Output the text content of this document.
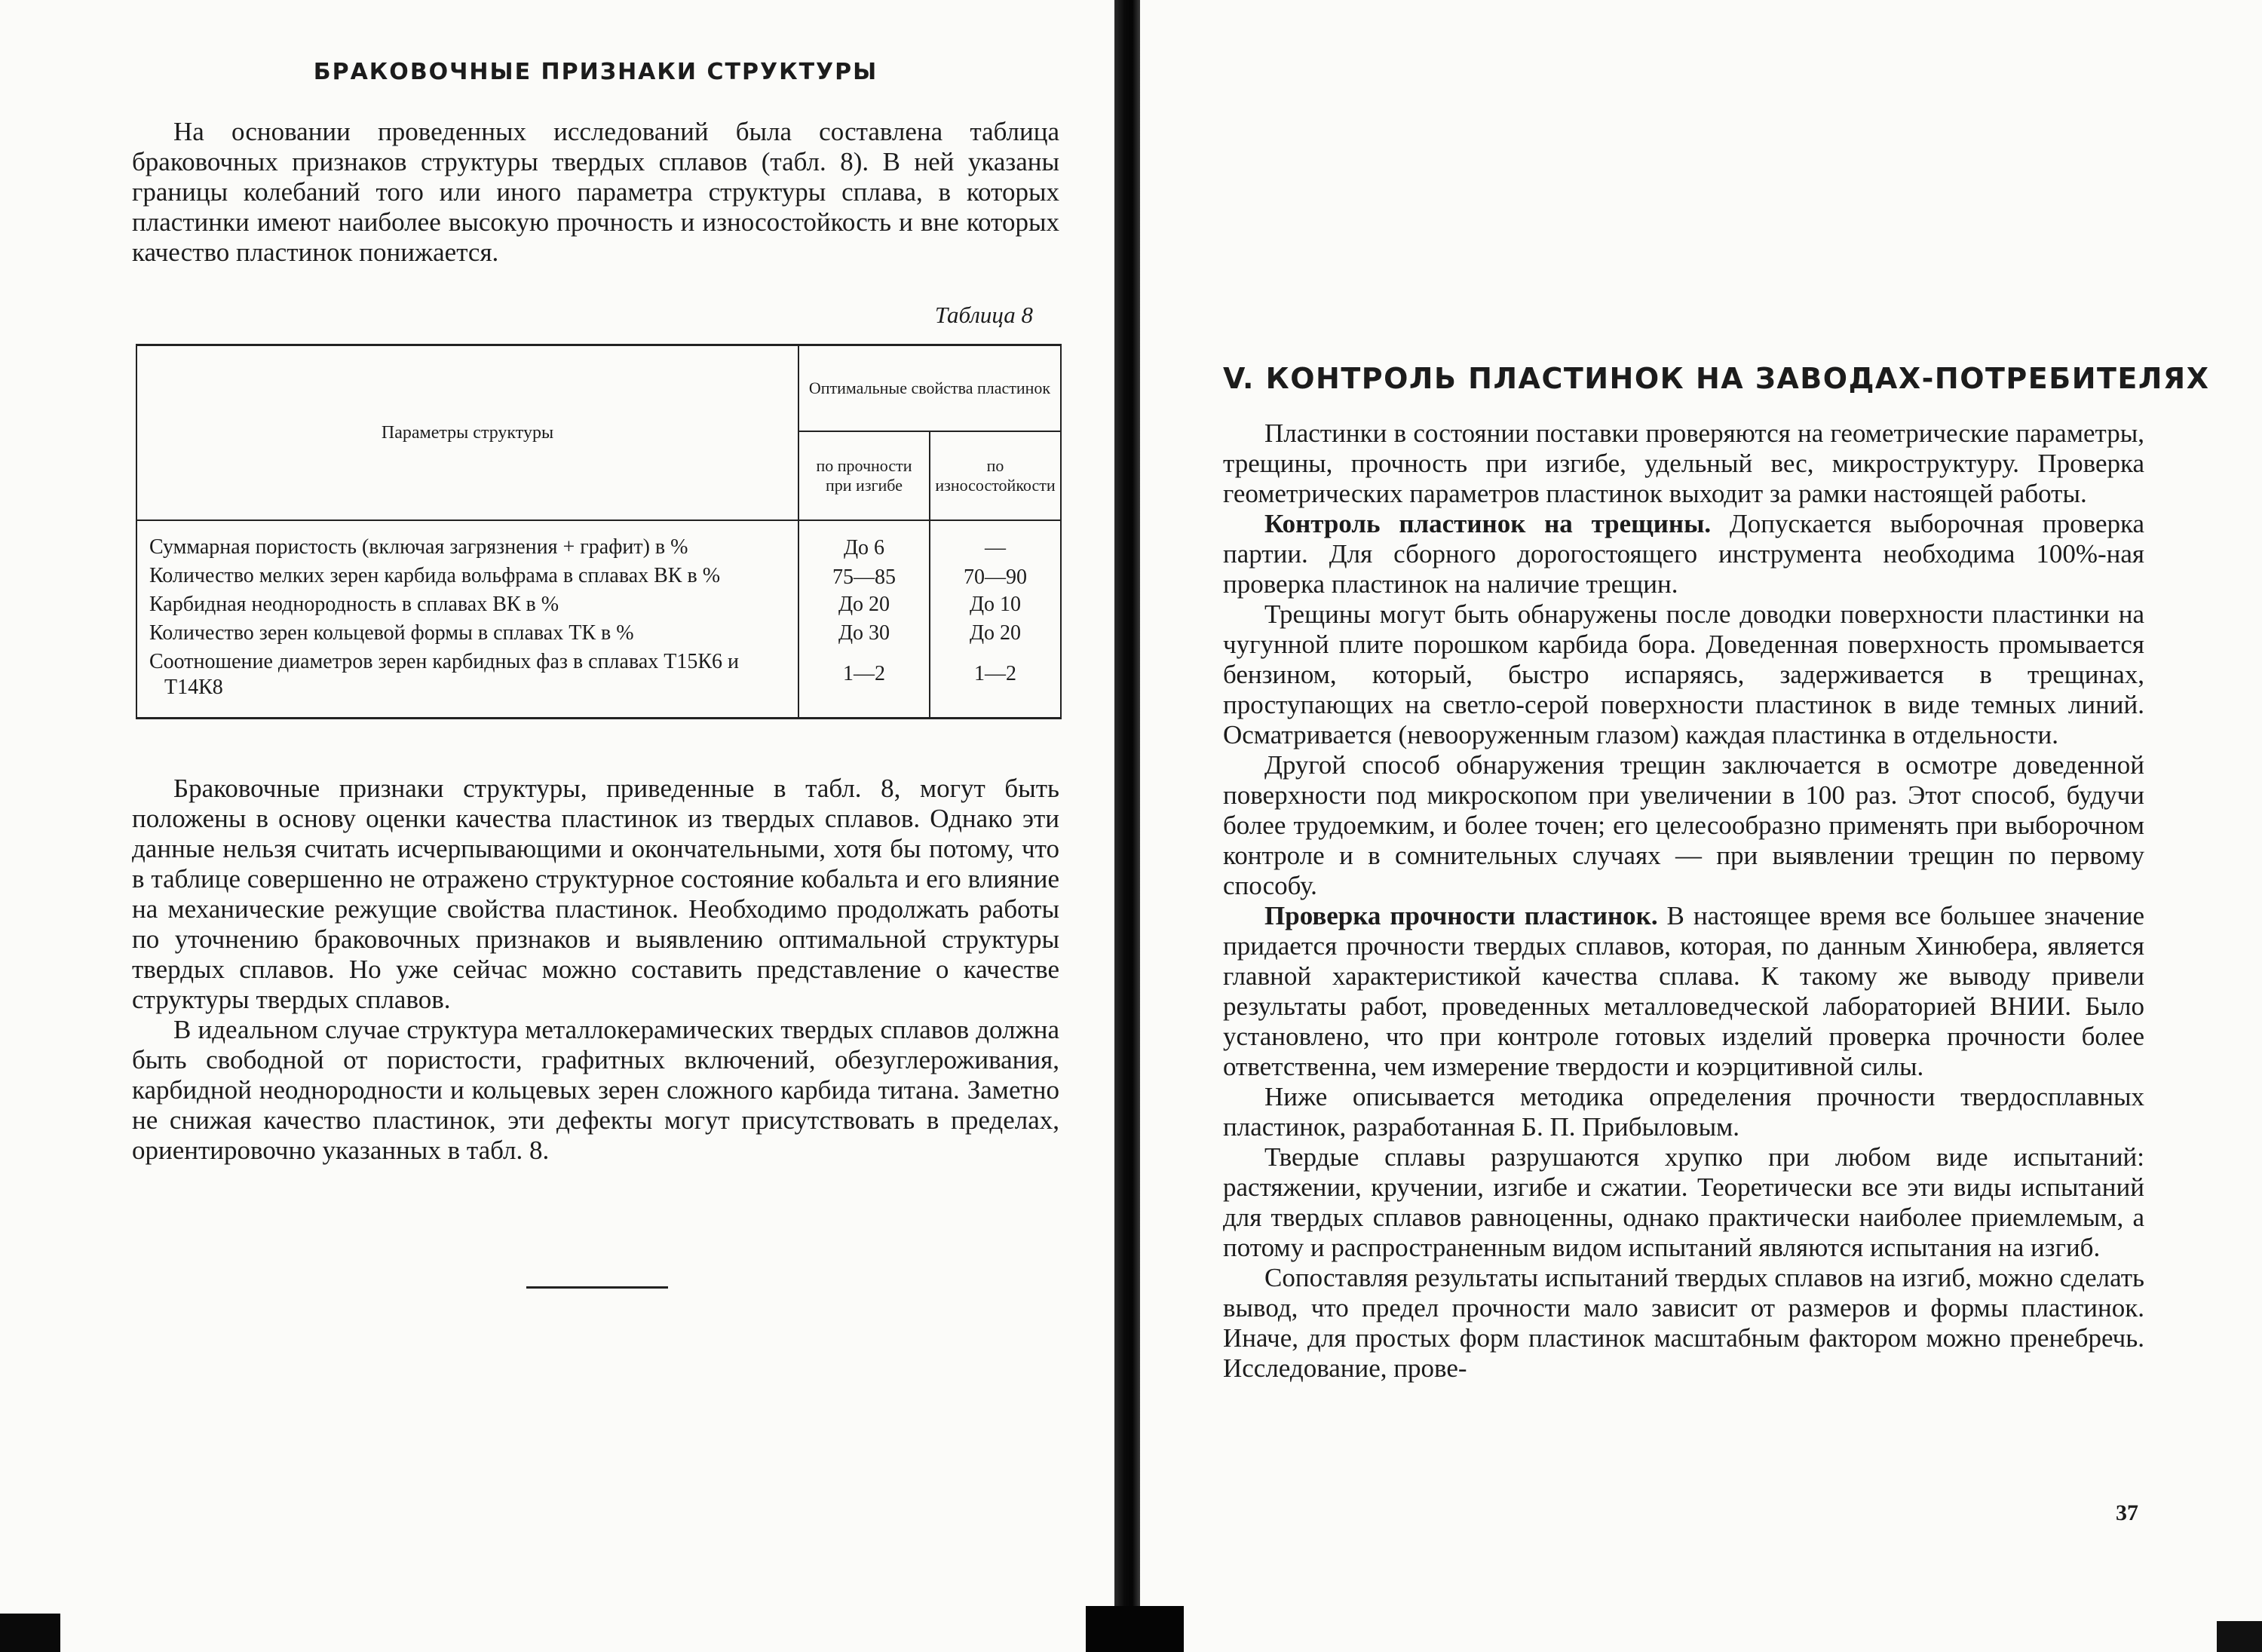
БРАКОВОЧНЫЕ ПРИЗНАКИ СТРУКТУРЫ

На основании проведенных исследований была составлена таблица браковочных признаков структуры твердых сплавов (табл. 8). В ней указаны границы колебаний того или иного параметра структуры сплава, в которых пластинки имеют наиболее высокую прочность и износостойкость и вне которых качество пластинок понижается.

Таблица 8
Параметры структуры	Оптимальные свойства пластинок	
	по прочности при изгибе	по износостойкости
Суммарная пористость (включая загрязнения + графит) в %	До 6	—
Количество мелких зерен карбида вольфрама в сплавах ВК в %	75—85	70—90
Карбидная неоднородность в сплавах ВК в %	До 20	До 10
Количество зерен кольцевой формы в сплавах ТК в %	До 30	До 20
Соотношение диаметров зерен карбидных фаз в сплавах Т15К6 и Т14К8	1—2	1—2

Браковочные признаки структуры, приведенные в табл. 8, могут быть положены в основу оценки качества пластинок из твердых сплавов. Однако эти данные нельзя считать исчерпывающими и окончательными, хотя бы потому, что в таблице совершенно не отражено структурное состояние кобальта и его влияние на механические режущие свойства пластинок. Необходимо продолжать работы по уточнению браковочных признаков и выявлению оптимальной структуры твердых сплавов. Но уже сейчас можно составить представление о качестве структуры твердых сплавов.

В идеальном случае структура металлокерамических твердых сплавов должна быть свободной от пористости, графитных включений, обезуглероживания, карбидной неоднородности и кольцевых зерен сложного карбида титана. Заметно не снижая качество пластинок, эти дефекты могут присутствовать в пределах, ориентировочно указанных в табл. 8.

V. КОНТРОЛЬ ПЛАСТИНОК НА ЗАВОДАХ-ПОТРЕБИТЕЛЯХ

Пластинки в состоянии поставки проверяются на геометрические параметры, трещины, прочность при изгибе, удельный вес, микроструктуру. Проверка геометрических параметров пластинок выходит за рамки настоящей работы.

Контроль пластинок на трещины. Допускается выборочная проверка партии. Для сборного дорогостоящего инструмента необходима 100%-ная проверка пластинок на наличие трещин.

Трещины могут быть обнаружены после доводки поверхности пластинки на чугунной плите порошком карбида бора. Доведенная поверхность промывается бензином, который, быстро испаряясь, задерживается в трещинах, проступающих на светло-серой поверхности пластинок в виде темных линий. Осматривается (невооруженным глазом) каждая пластинка в отдельности.

Другой способ обнаружения трещин заключается в осмотре доведенной поверхности под микроскопом при увеличении в 100 раз. Этот способ, будучи более трудоемким, и более точен; его целесообразно применять при выборочном контроле и в сомнительных случаях — при выявлении трещин по первому способу.

Проверка прочности пластинок. В настоящее время все большее значение придается прочности твердых сплавов, которая, по данным Хинюбера, является главной характеристикой качества сплава. К такому же выводу привели результаты работ, проведенных металловедческой лабораторией ВНИИ. Было установлено, что при контроле готовых изделий проверка прочности более ответственна, чем измерение твердости и коэрцитивной силы.

Ниже описывается методика определения прочности твердосплавных пластинок, разработанная Б. П. Прибыловым.

Твердые сплавы разрушаются хрупко при любом виде испытаний: растяжении, кручении, изгибе и сжатии. Теоретически все эти виды испытаний для твердых сплавов равноценны, однако практически наиболее приемлемым, а потому и распространенным видом испытаний являются испытания на изгиб.

Сопоставляя результаты испытаний твердых сплавов на изгиб, можно сделать вывод, что предел прочности мало зависит от размеров и формы пластинок. Иначе, для простых форм пластинок масштабным фактором можно пренебречь. Исследование, прове-

37
